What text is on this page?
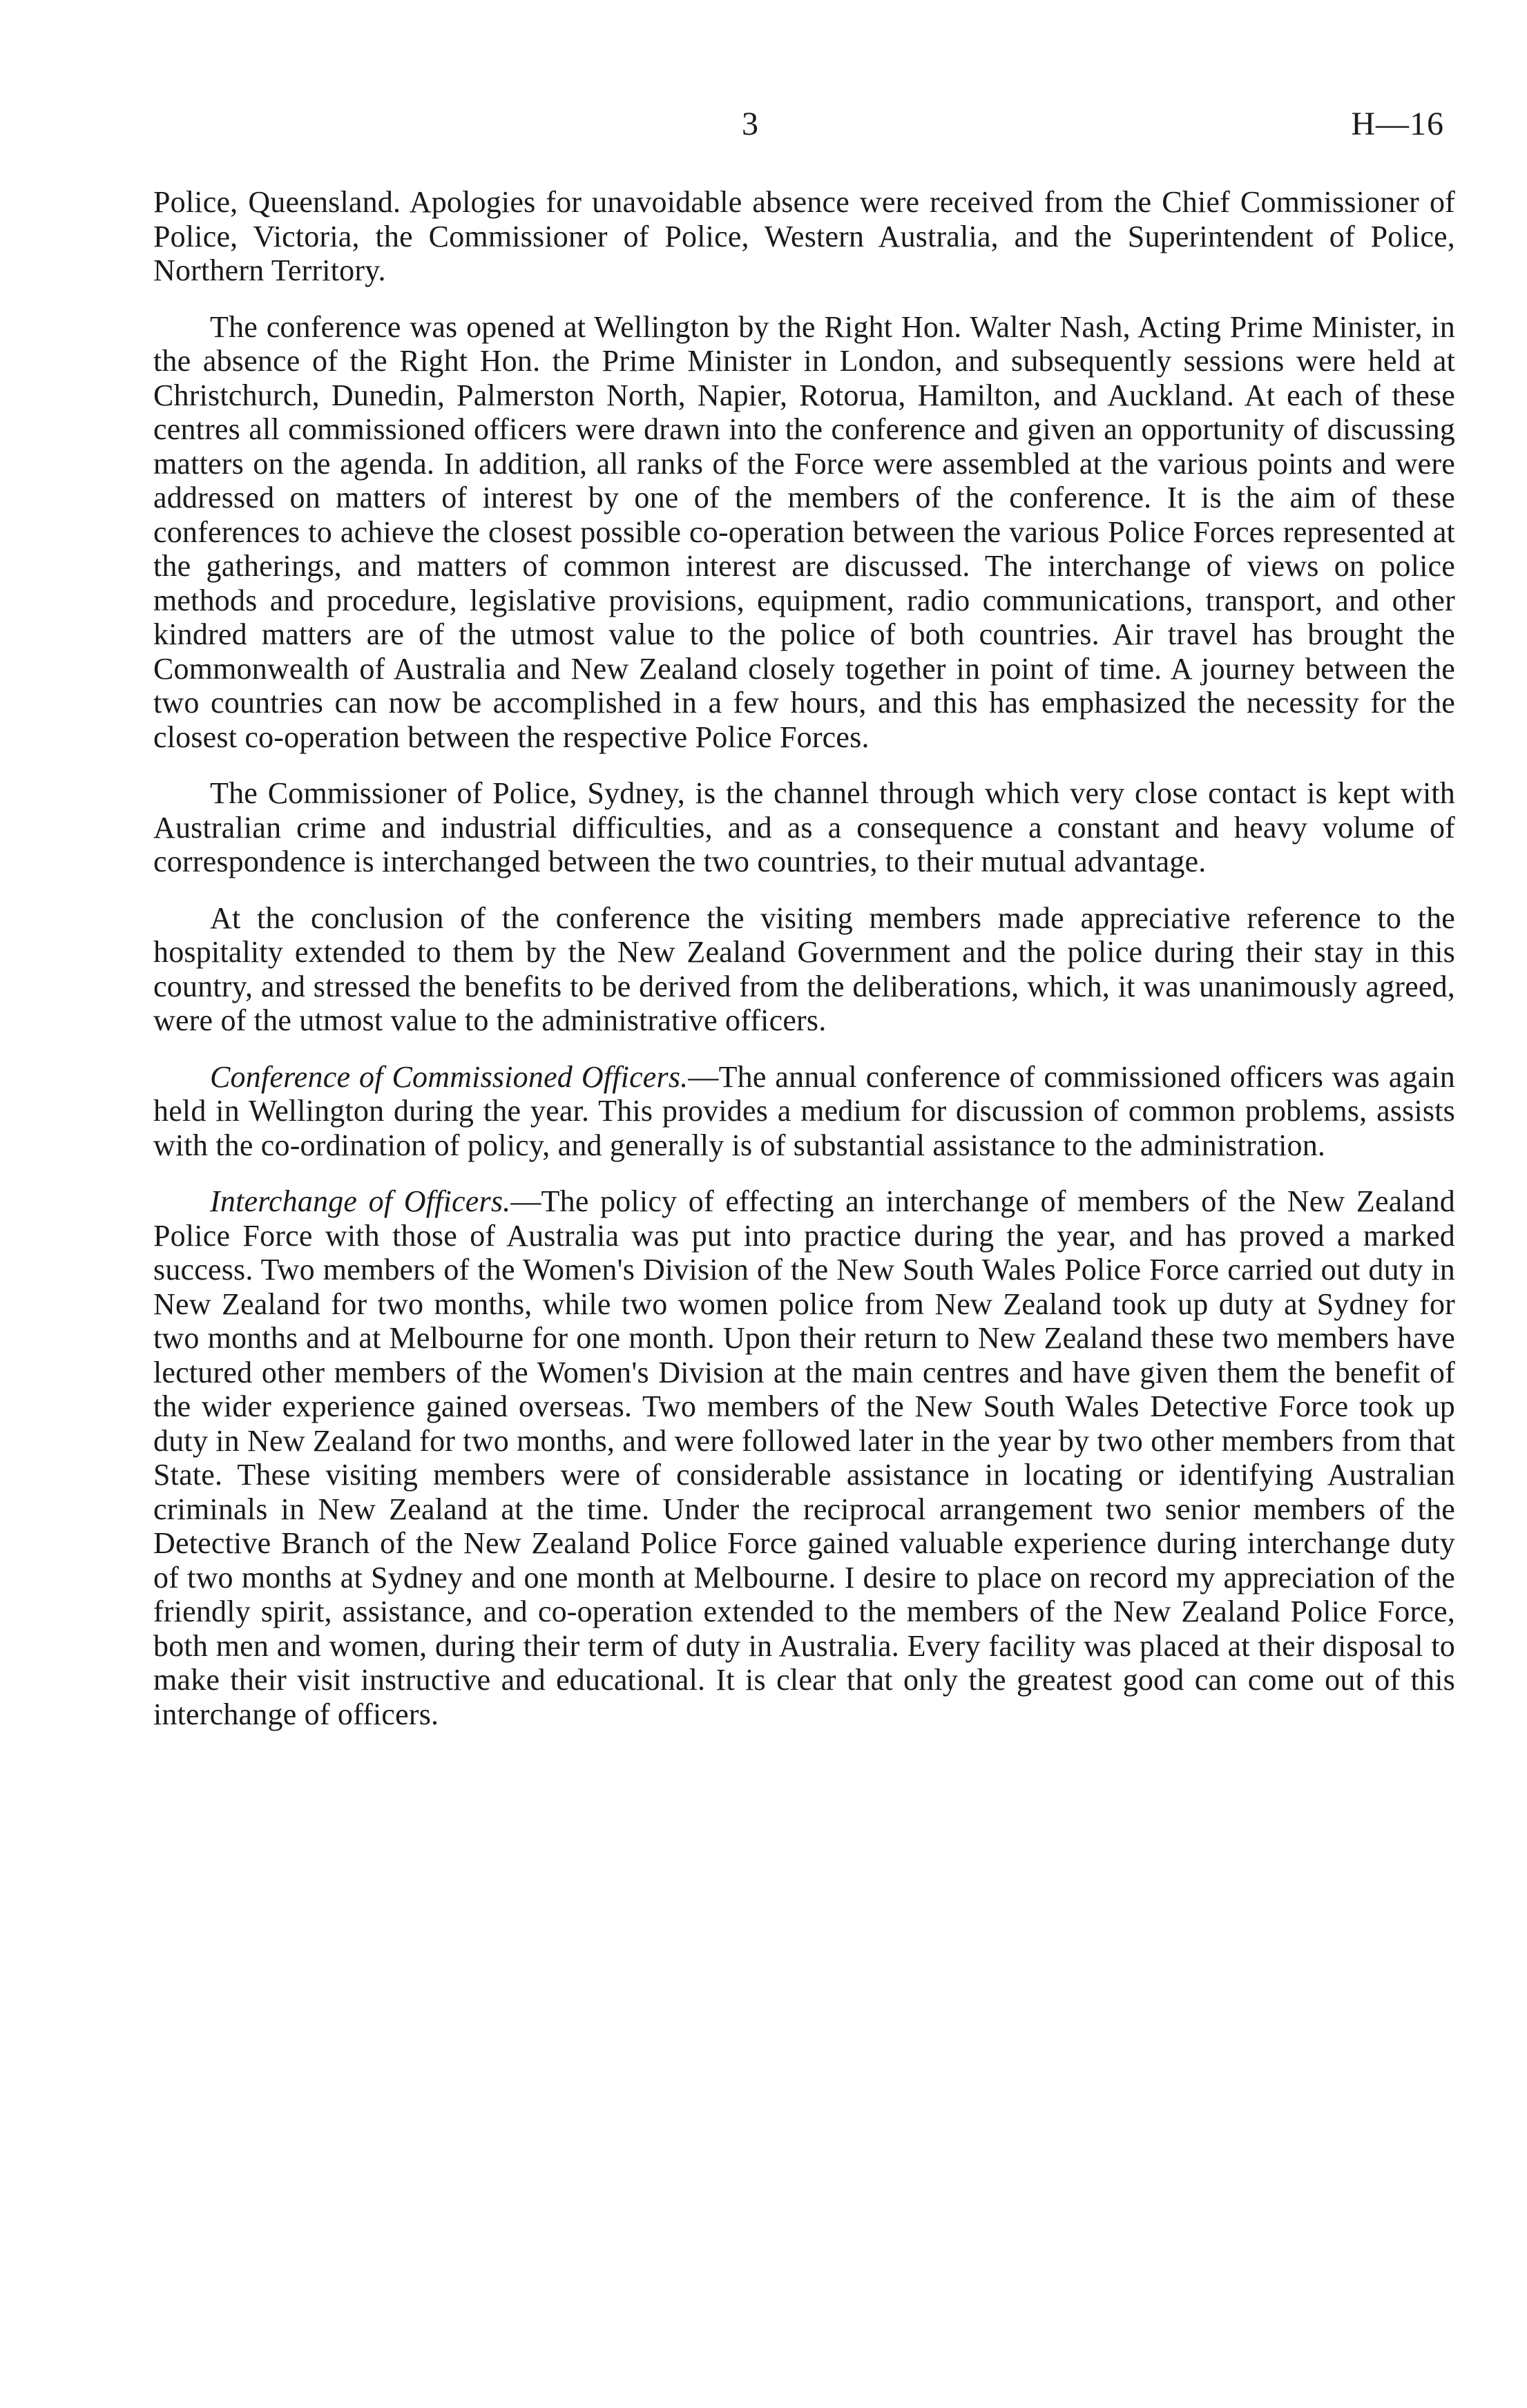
3	H—16

Police, Queensland. Apologies for unavoidable absence were received from the Chief Commissioner of Police, Victoria, the Commissioner of Police, Western Australia, and the Superintendent of Police, Northern Territory.

The conference was opened at Wellington by the Right Hon. Walter Nash, Acting Prime Minister, in the absence of the Right Hon. the Prime Minister in London, and subsequently sessions were held at Christchurch, Dunedin, Palmerston North, Napier, Rotorua, Hamilton, and Auckland. At each of these centres all commissioned officers were drawn into the conference and given an opportunity of discussing matters on the agenda. In addition, all ranks of the Force were assembled at the various points and were addressed on matters of interest by one of the members of the conference. It is the aim of these conferences to achieve the closest possible co-operation between the various Police Forces represented at the gatherings, and matters of common interest are discussed. The interchange of views on police methods and procedure, legislative provisions, equipment, radio communications, transport, and other kindred matters are of the utmost value to the police of both countries. Air travel has brought the Commonwealth of Australia and New Zealand closely together in point of time. A journey between the two countries can now be accomplished in a few hours, and this has emphasized the necessity for the closest co-operation between the respective Police Forces.

The Commissioner of Police, Sydney, is the channel through which very close contact is kept with Australian crime and industrial difficulties, and as a consequence a constant and heavy volume of correspondence is interchanged between the two countries, to their mutual advantage.

At the conclusion of the conference the visiting members made appreciative reference to the hospitality extended to them by the New Zealand Government and the police during their stay in this country, and stressed the benefits to be derived from the deliberations, which, it was unanimously agreed, were of the utmost value to the administrative officers.

Conference of Commissioned Officers.—The annual conference of commissioned officers was again held in Wellington during the year. This provides a medium for discussion of common problems, assists with the co-ordination of policy, and generally is of substantial assistance to the administration.

Interchange of Officers.—The policy of effecting an interchange of members of the New Zealand Police Force with those of Australia was put into practice during the year, and has proved a marked success. Two members of the Women's Division of the New South Wales Police Force carried out duty in New Zealand for two months, while two women police from New Zealand took up duty at Sydney for two months and at Melbourne for one month. Upon their return to New Zealand these two members have lectured other members of the Women's Division at the main centres and have given them the benefit of the wider experience gained overseas. Two members of the New South Wales Detective Force took up duty in New Zealand for two months, and were followed later in the year by two other members from that State. These visiting members were of considerable assistance in locating or identifying Australian criminals in New Zealand at the time. Under the reciprocal arrangement two senior members of the Detective Branch of the New Zealand Police Force gained valuable experience during interchange duty of two months at Sydney and one month at Melbourne. I desire to place on record my appreciation of the friendly spirit, assistance, and co-operation extended to the members of the New Zealand Police Force, both men and women, during their term of duty in Australia. Every facility was placed at their disposal to make their visit instructive and educational. It is clear that only the greatest good can come out of this interchange of officers.
